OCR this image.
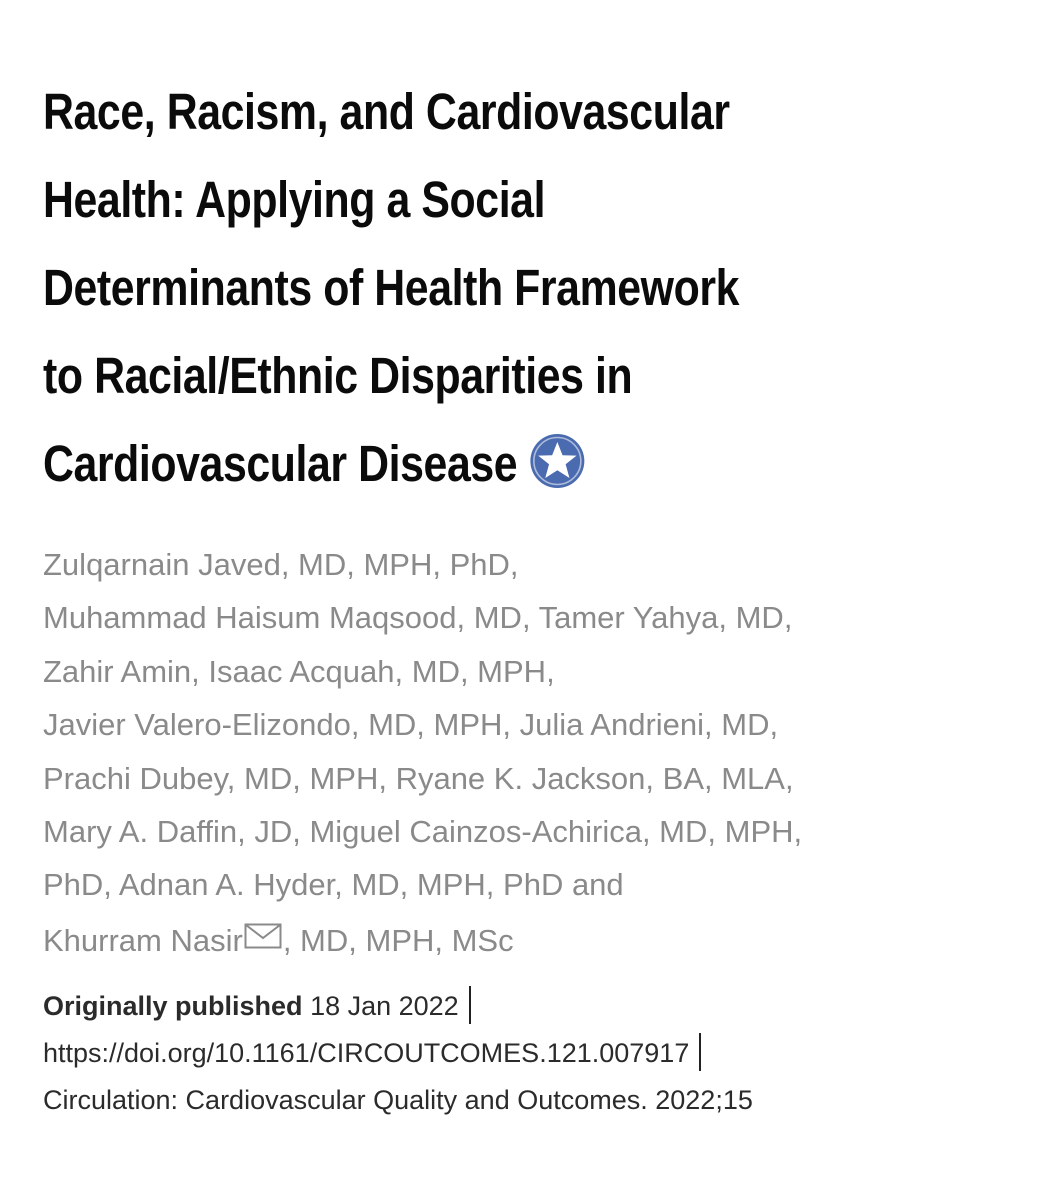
Race, Racism, and Cardiovascular
Health: Applying a Social
Determinants of Health Framework
to Racial/Ethnic Disparities in
Cardiovascular Disease
Zulqarnain Javed, MD, MPH, PhD,
Muhammad Haisum Maqsood, MD, Tamer Yahya, MD,
Zahir Amin, Isaac Acquah, MD, MPH,
Javier Valero-Elizondo, MD, MPH, Julia Andrieni, MD,
Prachi Dubey, MD, MPH, Ryane K. Jackson, BA, MLA,
Mary A. Daffin, JD, Miguel Cainzos-Achirica, MD, MPH,
PhD, Adnan A. Hyder, MD, MPH, PhD and
Khurram Nasir , MD, MPH, MSc
Originally published 18 Jan 2022
https://doi.org/10.1161/CIRCOUTCOMES.121.007917
Circulation: Cardiovascular Quality and Outcomes. 2022;15
